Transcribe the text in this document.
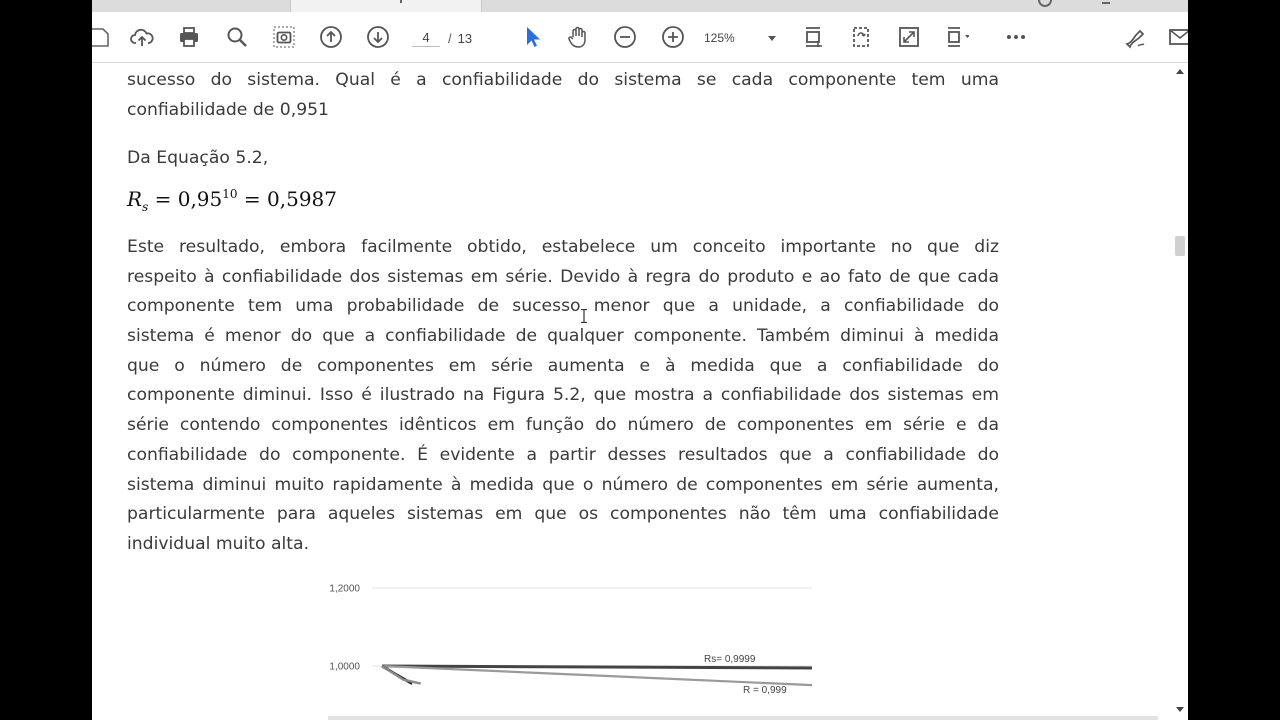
4	/ 13	125%
sucesso do sistema. Qual é a confiabilidade do sistema se cada componente tem uma
confiabilidade de 0,951
Da Equação 5.2,
$R_s = 0,95^{10} = 0,5987$
Este resultado, embora facilmente obtido, estabelece um conceito importante no que diz
respeito à confiabilidade dos sistemas em série. Devido à regra do produto e ao fato de que cada
componente tem uma probabilidade de sucesso menor que a unidade, a confiabilidade do
sistema é menor do que a confiabilidade de qualquer componente. Também diminui à medida
que o número de componentes em série aumenta e à medida que a confiabilidade do
componente diminui. Isso é ilustrado na Figura 5.2, que mostra a confiabilidade dos sistemas em
série contendo componentes idênticos em função do número de componentes em série e da
confiabilidade do componente. É evidente a partir desses resultados que a confiabilidade do
sistema diminui muito rapidamente à medida que o número de componentes em série aumenta,
particularmente para aqueles sistemas em que os componentes não têm uma confiabilidade
individual muito alta.
1,2000
1,0000
Rs= 0,9999
R = 0,999
